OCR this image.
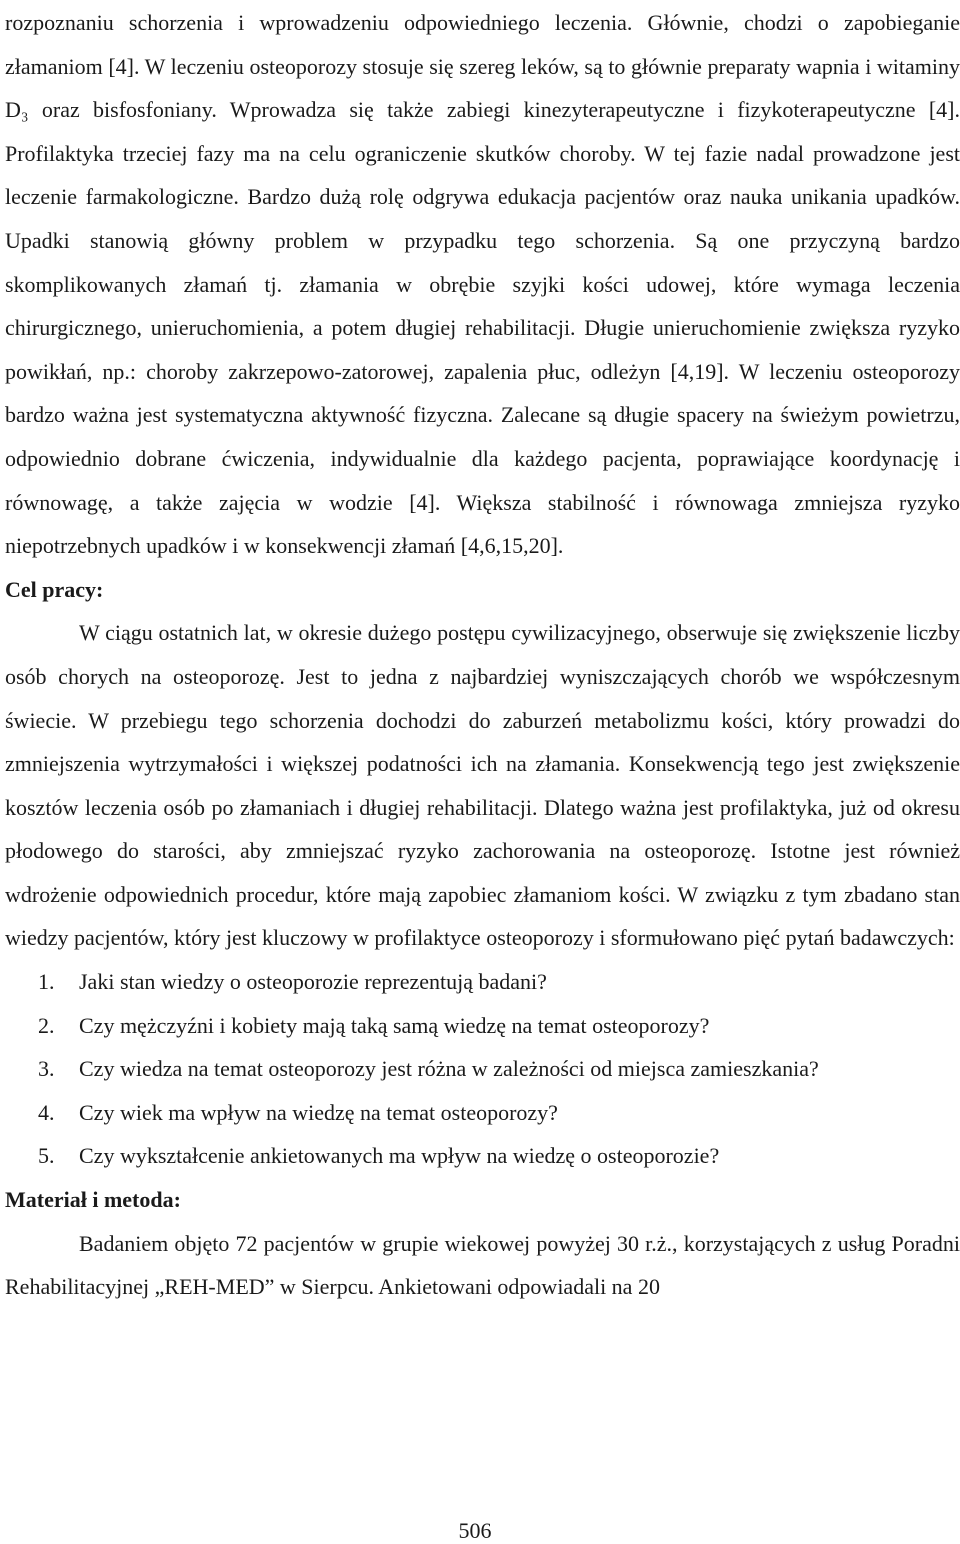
rozpoznaniu schorzenia i wprowadzeniu odpowiedniego leczenia. Głównie, chodzi o zapobieganie złamaniom [4]. W leczeniu osteoporozy stosuje się szereg leków, są to głównie preparaty wapnia i witaminy D₃ oraz bisfosfoniany. Wprowadza się także zabiegi kinezyterapeutyczne i fizykoterapeutyczne [4]. Profilaktyka trzeciej fazy ma na celu ograniczenie skutków choroby. W tej fazie nadal prowadzone jest leczenie farmakologiczne. Bardzo dużą rolę odgrywa edukacja pacjentów oraz nauka unikania upadków. Upadki stanowią główny problem w przypadku tego schorzenia. Są one przyczyną bardzo skomplikowanych złamań tj. złamania w obrębie szyjki kości udowej, które wymaga leczenia chirurgicznego, unieruchomienia, a potem długiej rehabilitacji. Długie unieruchomienie zwiększa ryzyko powikłań, np.: choroby zakrzepowo-zatorowej, zapalenia płuc, odleżyn [4,19]. W leczeniu osteoporozy bardzo ważna jest systematyczna aktywność fizyczna. Zalecane są długie spacery na świeżym powietrzu, odpowiednio dobrane ćwiczenia, indywidualnie dla każdego pacjenta, poprawiające koordynację i równowagę, a także zajęcia w wodzie [4]. Większa stabilność i równowaga zmniejsza ryzyko niepotrzebnych upadków i w konsekwencji złamań [4,6,15,20].

Cel pracy:

W ciągu ostatnich lat, w okresie dużego postępu cywilizacyjnego, obserwuje się zwiększenie liczby osób chorych na osteoporozę. Jest to jedna z najbardziej wyniszczających chorób we współczesnym świecie. W przebiegu tego schorzenia dochodzi do zaburzeń metabolizmu kości, który prowadzi do zmniejszenia wytrzymałości i większej podatności ich na złamania. Konsekwencją tego jest zwiększenie kosztów leczenia osób po złamaniach i długiej rehabilitacji. Dlatego ważna jest profilaktyka, już od okresu płodowego do starości, aby zmniejszać ryzyko zachorowania na osteoporozę. Istotne jest również wdrożenie odpowiednich procedur, które mają zapobiec złamaniom kości. W związku z tym zbadano stan wiedzy pacjentów, który jest kluczowy w profilaktyce osteoporozy i sformułowano pięć pytań badawczych:

1.	Jaki stan wiedzy o osteoporozie reprezentują badani?
2.	Czy mężczyźni i kobiety mają taką samą wiedzę na temat osteoporozy?
3.	Czy wiedza na temat osteoporozy jest różna w zależności od miejsca zamieszkania?
4.	Czy wiek ma wpływ na wiedzę na temat osteoporozy?
5.	Czy wykształcenie ankietowanych ma wpływ na wiedzę o osteoporozie?
Materiał i metoda:

Badaniem objęto 72 pacjentów w grupie wiekowej powyżej 30 r.ż., korzystających z usług Poradni Rehabilitacyjnej „REH-MED” w Sierpcu. Ankietowani odpowiadali na 20

506
